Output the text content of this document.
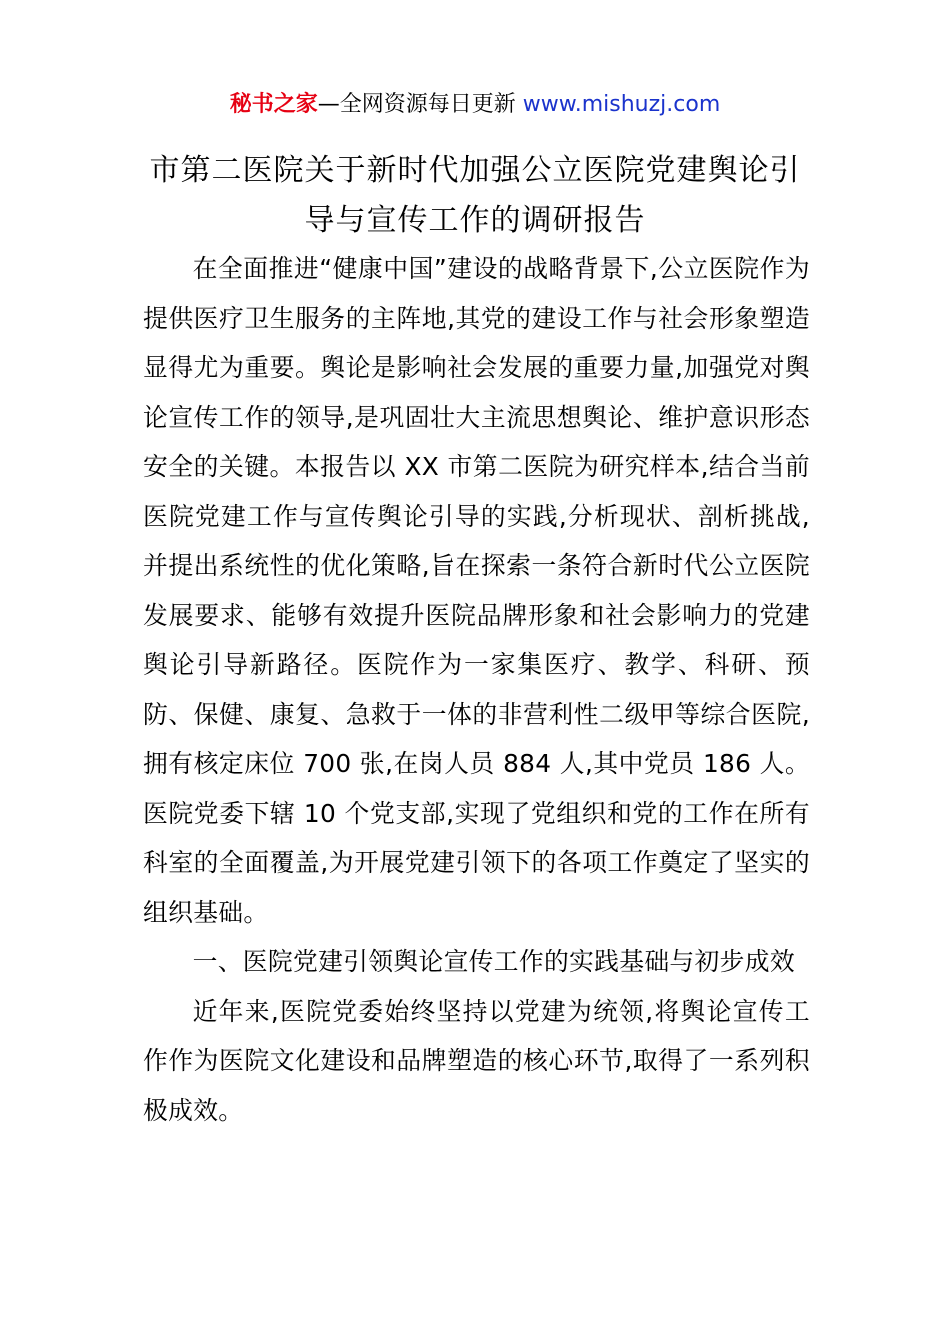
秘书之家—全网资源每日更新 www.mishuzj.com
市第二医院关于新时代加强公立医院党建舆论引导与宣传工作的调研报告

在全面推进“健康中国”建设的战略背景下,公立医院作为提供医疗卫生服务的主阵地,其党的建设工作与社会形象塑造显得尤为重要。舆论是影响社会发展的重要力量,加强党对舆论宣传工作的领导,是巩固壮大主流思想舆论、维护意识形态安全的关键。本报告以 XX 市第二医院为研究样本,结合当前医院党建工作与宣传舆论引导的实践,分析现状、剖析挑战,并提出系统性的优化策略,旨在探索一条符合新时代公立医院发展要求、能够有效提升医院品牌形象和社会影响力的党建舆论引导新路径。医院作为一家集医疗、教学、科研、预防、保健、康复、急救于一体的非营利性二级甲等综合医院,拥有核定床位 700 张,在岗人员 884 人,其中党员 186 人。医院党委下辖 10 个党支部,实现了党组织和党的工作在所有科室的全面覆盖,为开展党建引领下的各项工作奠定了坚实的组织基础。

一、医院党建引领舆论宣传工作的实践基础与初步成效

近年来,医院党委始终坚持以党建为统领,将舆论宣传工作作为医院文化建设和品牌塑造的核心环节,取得了一系列积极成效。
